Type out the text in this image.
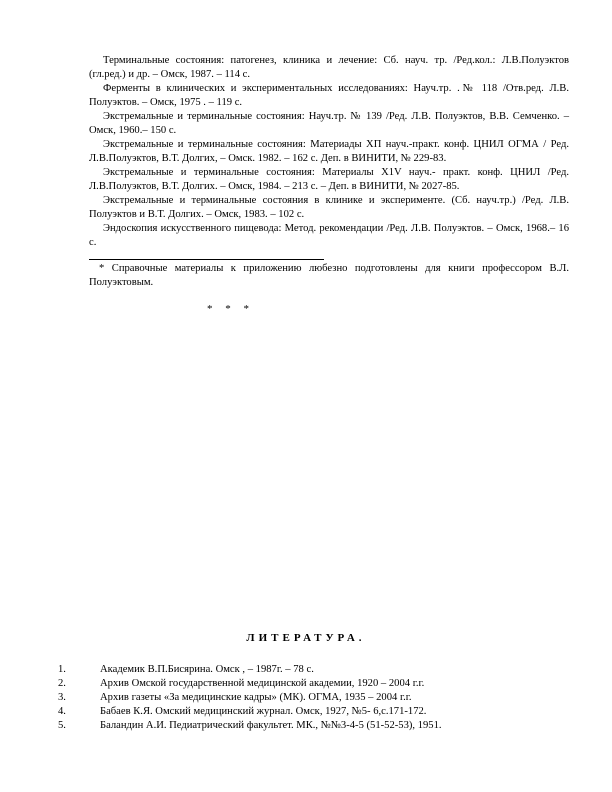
Терминальные состояния: патогенез, клиника и лечение: Сб. науч. тр. /Ред.кол.: Л.В.Полуэктов (гл.ред.) и др. – Омск, 1987. – 114 с.

Ферменты в клинических и экспериментальных исследованиях: Науч.тр. .№ 118 /Отв.ред. Л.В. Полуэктов. – Омск, 1975 . – 119 с.

Экстремальные и терминальные состояния: Науч.тр. № 139 /Ред. Л.В. Полуэктов, В.В. Семченко. – Омск, 1960.– 150 с.

Экстремальные и терминальные состояния: Материады ХП науч.-практ. конф. ЦНИЛ ОГМА / Ред. Л.В.Полуэктов, В.Т. Долгих, – Омск. 1982. – 162 с. Деп. в ВИНИТИ, № 229-83.

Экстремальные и терминальные состояния: Материалы Х1V науч.- практ. конф. ЦНИЛ /Ред. Л.В.Полуэктов, В.Т. Долгих. – Омск, 1984. – 213 с. – Деп. в ВИНИТИ, № 2027-85.

Экстремальные и терминальные состояния в клинике и эксперименте. (Сб. науч.тр.) /Ред. Л.В. Полуэктов и В.Т. Долгих. – Омск, 1983. – 102 с.

Эндоскопия искусственного пищевода: Метод. рекомендации /Ред. Л.В. Полуэктов. – Омск, 1968.– 16 с.

* Справочные материалы к приложению любезно подготовлены для книги профессором В.Л. Полуэктовым.

* * *
ЛИТЕРАТУРА.
1.	Академик В.П.Бисярина. Омск , – 1987г. – 78 с.
2.	Архив Омской государственной медицинской академии, 1920 – 2004 г.г.
3.	Архив газеты «За медицинские кадры» (МК). ОГМА, 1935 – 2004 г.г.
4.	Бабаев К.Я. Омский медицинский журнал. Омск, 1927, №5- 6,с.171-172.
5.	Баландин А.И. Педиатрический факультет. МК., №№3-4-5 (51-52-53), 1951.
